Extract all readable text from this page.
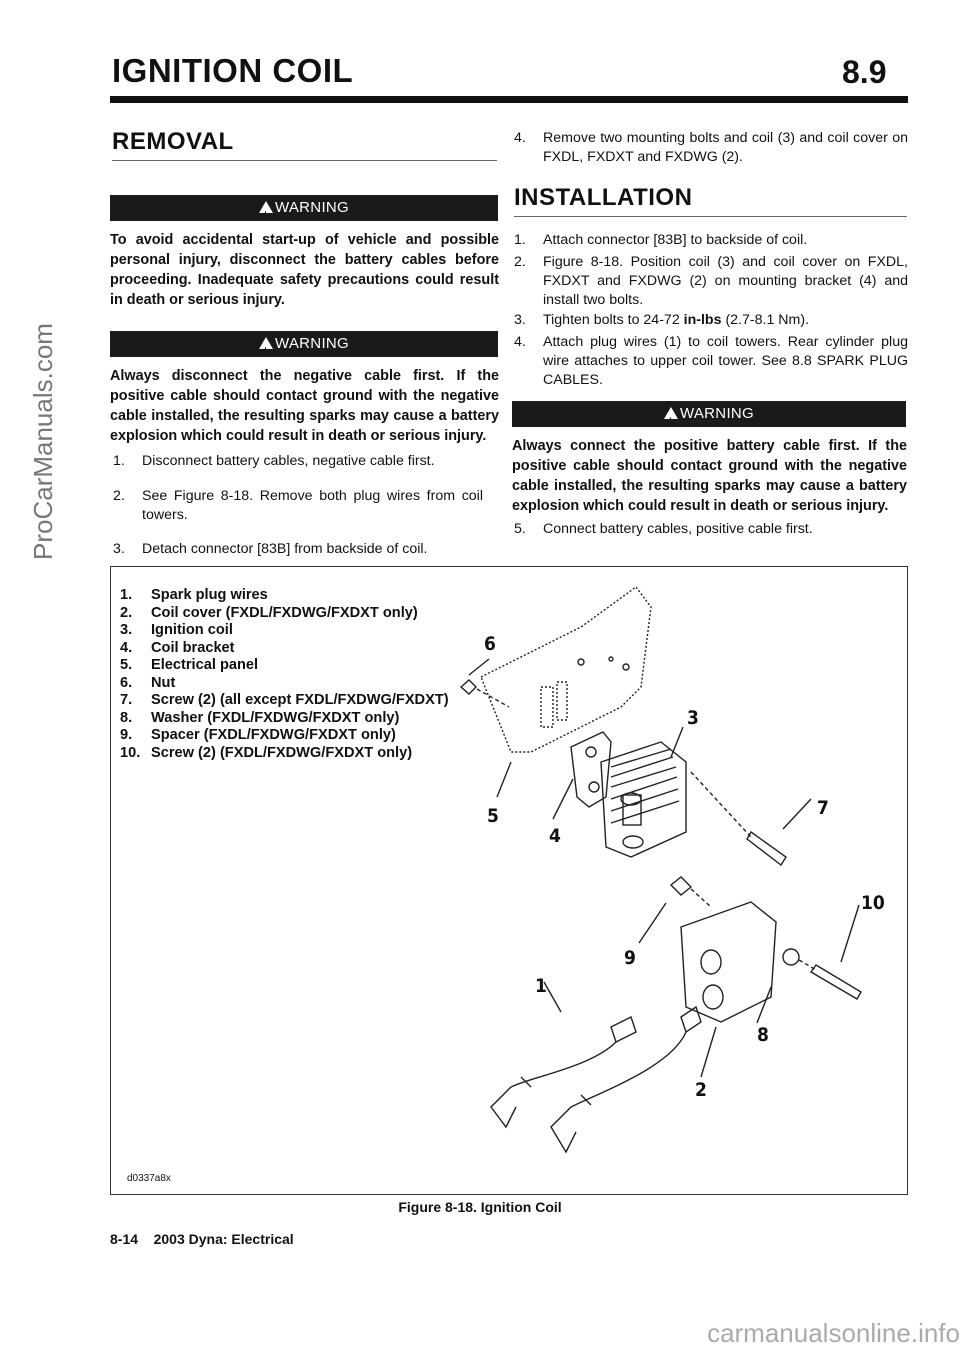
ProCarManuals.com
IGNITION COIL	8.9
REMOVAL
!WARNING
To avoid accidental start-up of vehicle and possible personal injury, disconnect the battery cables before proceeding. Inadequate safety precautions could result in death or serious injury.
!WARNING
Always disconnect the negative cable first. If the positive cable should contact ground with the negative cable installed, the resulting sparks may cause a battery explosion which could result in death or serious injury.
1. Disconnect battery cables, negative cable first.
2. See Figure 8-18. Remove both plug wires from coil towers.
3. Detach connector [83B] from backside of coil.
4. Remove two mounting bolts and coil (3) and coil cover on FXDL, FXDXT and FXDWG (2).
INSTALLATION
1. Attach connector [83B] to backside of coil.
2. Figure 8-18. Position coil (3) and coil cover on FXDL, FXDXT and FXDWG (2) on mounting bracket (4) and install two bolts.
3. Tighten bolts to 24-72 in-lbs (2.7-8.1 Nm).
4. Attach plug wires (1) to coil towers. Rear cylinder plug wire attaches to upper coil tower. See 8.8 SPARK PLUG CABLES.
!WARNING
Always connect the positive battery cable first. If the positive cable should contact ground with the negative cable installed, the resulting sparks may cause a battery explosion which could result in death or serious injury.
5. Connect battery cables, positive cable first.
1. Spark plug wires
2. Coil cover (FXDL/FXDWG/FXDXT only)
3. Ignition coil
4. Coil bracket
5. Electrical panel
6. Nut
7. Screw (2) (all except FXDL/FXDWG/FXDXT)
8. Washer (FXDL/FXDWG/FXDXT only)
9. Spacer (FXDL/FXDWG/FXDXT only)
10. Screw (2) (FXDL/FXDWG/FXDXT only)
6
3
5
4
7
10
9
1
8
2
d0337a8x
Figure 8-18. Ignition Coil
8-14 2003 Dyna: Electrical
carmanualsonline.info
